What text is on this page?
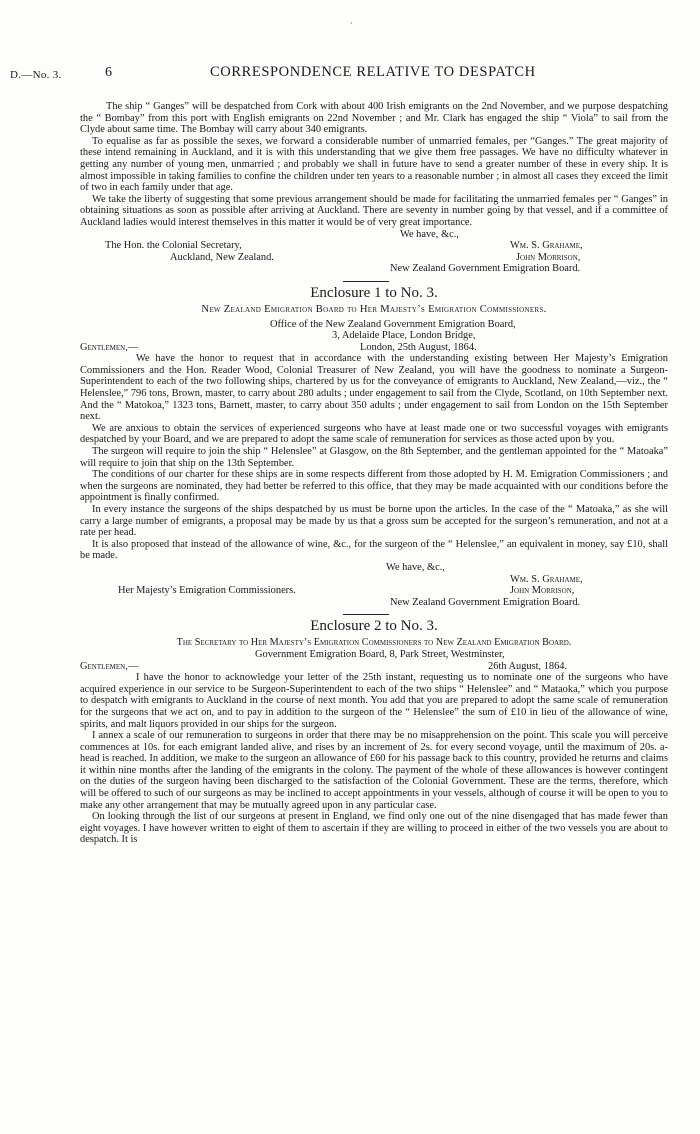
·
D.—No. 3.	6	CORRESPONDENCE RELATIVE TO DESPATCH

The ship “ Ganges” will be despatched from Cork with about 400 Irish emigrants on the 2nd November, and we purpose despatching the “ Bombay” from this port with English emigrants on 22nd November ; and Mr. Clark has engaged the ship “ Viola” to sail from the Clyde about same time. The Bombay will carry about 340 emigrants.

To equalise as far as possible the sexes, we forward a considerable number of unmarried females, per “Ganges.” The great majority of these intend remaining in Auckland, and it is with this understanding that we give them free passages. We have no difficulty whatever in getting any number of young men, unmarried ; and probably we shall in future have to send a greater number of these in every ship. It is almost impossible in taking families to confine the children under ten years to a reasonable number ; in almost all cases they exceed the limit of two in each family under that age.

We take the liberty of suggesting that some previous arrangement should be made for facilitating the unmarried females per “ Ganges” in obtaining situations as soon as possible after arriving at Auckland. There are seventy in number going by that vessel, and if a committee of Auckland ladies would interest themselves in this matter it would be of very great importance.

We have, &c.,
The Hon. the Colonial Secretary,	Wm. S. Grahame,
Auckland, New Zealand.	John Morrison,
New Zealand Government Emigration Board.
Enclosure 1 to No. 3.
New Zealand Emigration Board to Her Majesty’s Emigration Commissioners.
Office of the New Zealand Government Emigration Board,
3, Adelaide Place, London Bridge,
Gentlemen,—	London, 25th August, 1864.

We have the honor to request that in accordance with the understanding existing between Her Majesty’s Emigration Commissioners and the Hon. Reader Wood, Colonial Treasurer of New Zealand, you will have the goodness to nominate a Surgeon-Superintendent to each of the two following ships, chartered by us for the conveyance of emigrants to Auckland, New Zealand,—viz., the “ Helenslee,” 796 tons, Brown, master, to carry about 280 adults ; under engagement to sail from the Clyde, Scotland, on 10th September next. And the “ Matokoa,” 1323 tons, Barnett, master, to carry about 350 adults ; under engagement to sail from London on the 15th September next.

We are anxious to obtain the services of experienced surgeons who have at least made one or two successful voyages with emigrants despatched by your Board, and we are prepared to adopt the same scale of remuneration for services as those acted upon by you.

The surgeon will require to join the ship “ Helenslee” at Glasgow, on the 8th September, and the gentleman appointed for the “ Matoaka” will require to join that ship on the 13th September.

The conditions of our charter for these ships are in some respects different from those adopted by H. M. Emigration Commissioners ; and when the surgeons are nominated, they had better be referred to this office, that they may be made acquainted with our conditions before the appointment is finally confirmed.

In every instance the surgeons of the ships despatched by us must be borne upon the articles. In the case of the “ Matoaka,” as she will carry a large number of emigrants, a proposal may be made by us that a gross sum be accepted for the surgeon’s remuneration, and not at a rate per head.

It is also proposed that instead of the allowance of wine, &c., for the surgeon of the “ Helenslee,” an equivalent in money, say £10, shall be made.

We have, &c.,
Wm. S. Grahame,
Her Majesty’s Emigration Commissioners.	John Morrison,
New Zealand Government Emigration Board.
Enclosure 2 to No. 3.
The Secretary to Her Majesty’s Emigration Commissioners to New Zealand Emigration Board.
Government Emigration Board, 8, Park Street, Westminster,
Gentlemen,—	26th August, 1864.

I have the honor to acknowledge your letter of the 25th instant, requesting us to nominate one of the surgeons who have acquired experience in our service to be Surgeon-Superintendent to each of the two ships “ Helenslee” and “ Mataoka,” which you purpose to despatch with emigrants to Auckland in the course of next month. You add that you are prepared to adopt the same scale of remuneration for the surgeons that we act on, and to pay in addition to the surgeon of the “ Helenslee” the sum of £10 in lieu of the allowance of wine, spirits, and malt liquors provided in our ships for the surgeon.

I annex a scale of our remuneration to surgeons in order that there may be no misapprehension on the point. This scale you will perceive commences at 10s. for each emigrant landed alive, and rises by an increment of 2s. for every second voyage, until the maximum of 20s. a-head is reached. In addition, we make to the surgeon an allowance of £60 for his passage back to this country, provided he returns and claims it within nine months after the landing of the emigrants in the colony. The payment of the whole of these allowances is however contingent on the duties of the surgeon having been discharged to the satisfaction of the Colonial Government. These are the terms, therefore, which will be offered to such of our surgeons as may be inclined to accept appointments in your vessels, although of course it will be open to you to make any other arrangement that may be mutually agreed upon in any particular case.

On looking through the list of our surgeons at present in England, we find only one out of the nine disengaged that has made fewer than eight voyages. I have however written to eight of them to ascertain if they are willing to proceed in either of the two vessels you are about to despatch. It is
